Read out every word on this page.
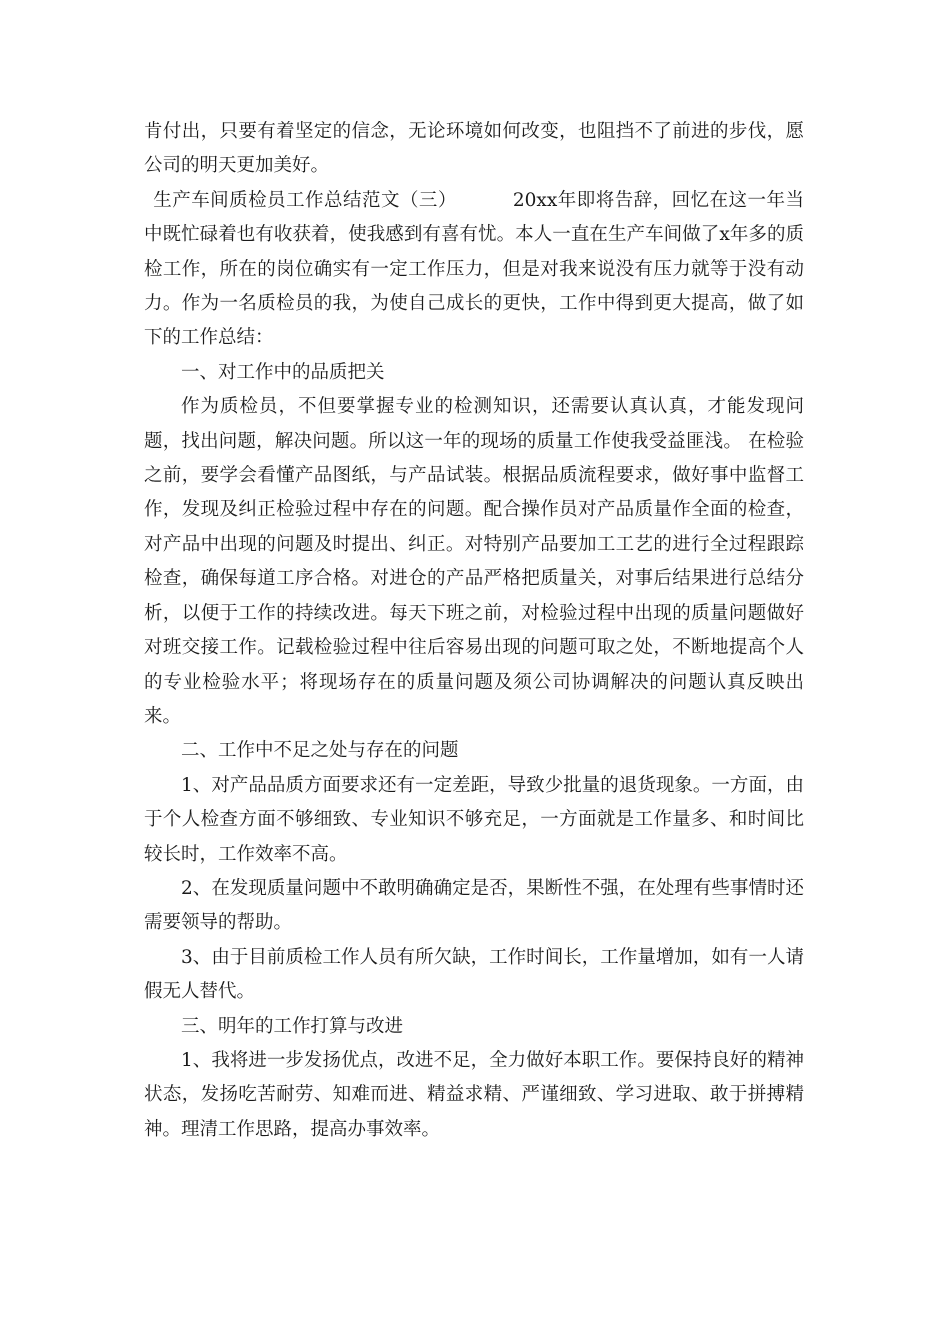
肯付出，只要有着坚定的信念，无论环境如何改变，也阻挡不了前进的步伐，愿公司的明天更加美好。

生产车间质检员工作总结范文（三）	20xx年即将告辞，回忆在这一年当中既忙碌着也有收获着，使我感到有喜有忧。本人一直在生产车间做了x年多的质检工作，所在的岗位确实有一定工作压力，但是对我来说没有压力就等于没有动力。作为一名质检员的我，为使自己成长的更快，工作中得到更大提高，做了如下的工作总结：

一、对工作中的品质把关

作为质检员，不但要掌握专业的检测知识，还需要认真认真，才能发现问题，找出问题，解决问题。所以这一年的现场的质量工作使我受益匪浅。 在检验之前，要学会看懂产品图纸，与产品试装。根据品质流程要求，做好事中监督工作，发现及纠正检验过程中存在的问题。配合操作员对产品质量作全面的检查，对产品中出现的问题及时提出、纠正。对特别产品要加工工艺的进行全过程跟踪检查，确保每道工序合格。对进仓的产品严格把质量关，对事后结果进行总结分析，以便于工作的持续改进。每天下班之前，对检验过程中出现的质量问题做好对班交接工作。记载检验过程中往后容易出现的问题可取之处，不断地提高个人的专业检验水平；将现场存在的质量问题及须公司协调解决的问题认真反映出来。

二、工作中不足之处与存在的问题

1、对产品品质方面要求还有一定差距，导致少批量的退货现象。一方面，由于个人检查方面不够细致、专业知识不够充足，一方面就是工作量多、和时间比较长时，工作效率不高。

2、在发现质量问题中不敢明确确定是否，果断性不强，在处理有些事情时还需要领导的帮助。

3、由于目前质检工作人员有所欠缺，工作时间长，工作量增加，如有一人请假无人替代。

三、明年的工作打算与改进

1、我将进一步发扬优点，改进不足，全力做好本职工作。要保持良好的精神状态，发扬吃苦耐劳、知难而进、精益求精、严谨细致、学习进取、敢于拼搏精神。理清工作思路，提高办事效率。
